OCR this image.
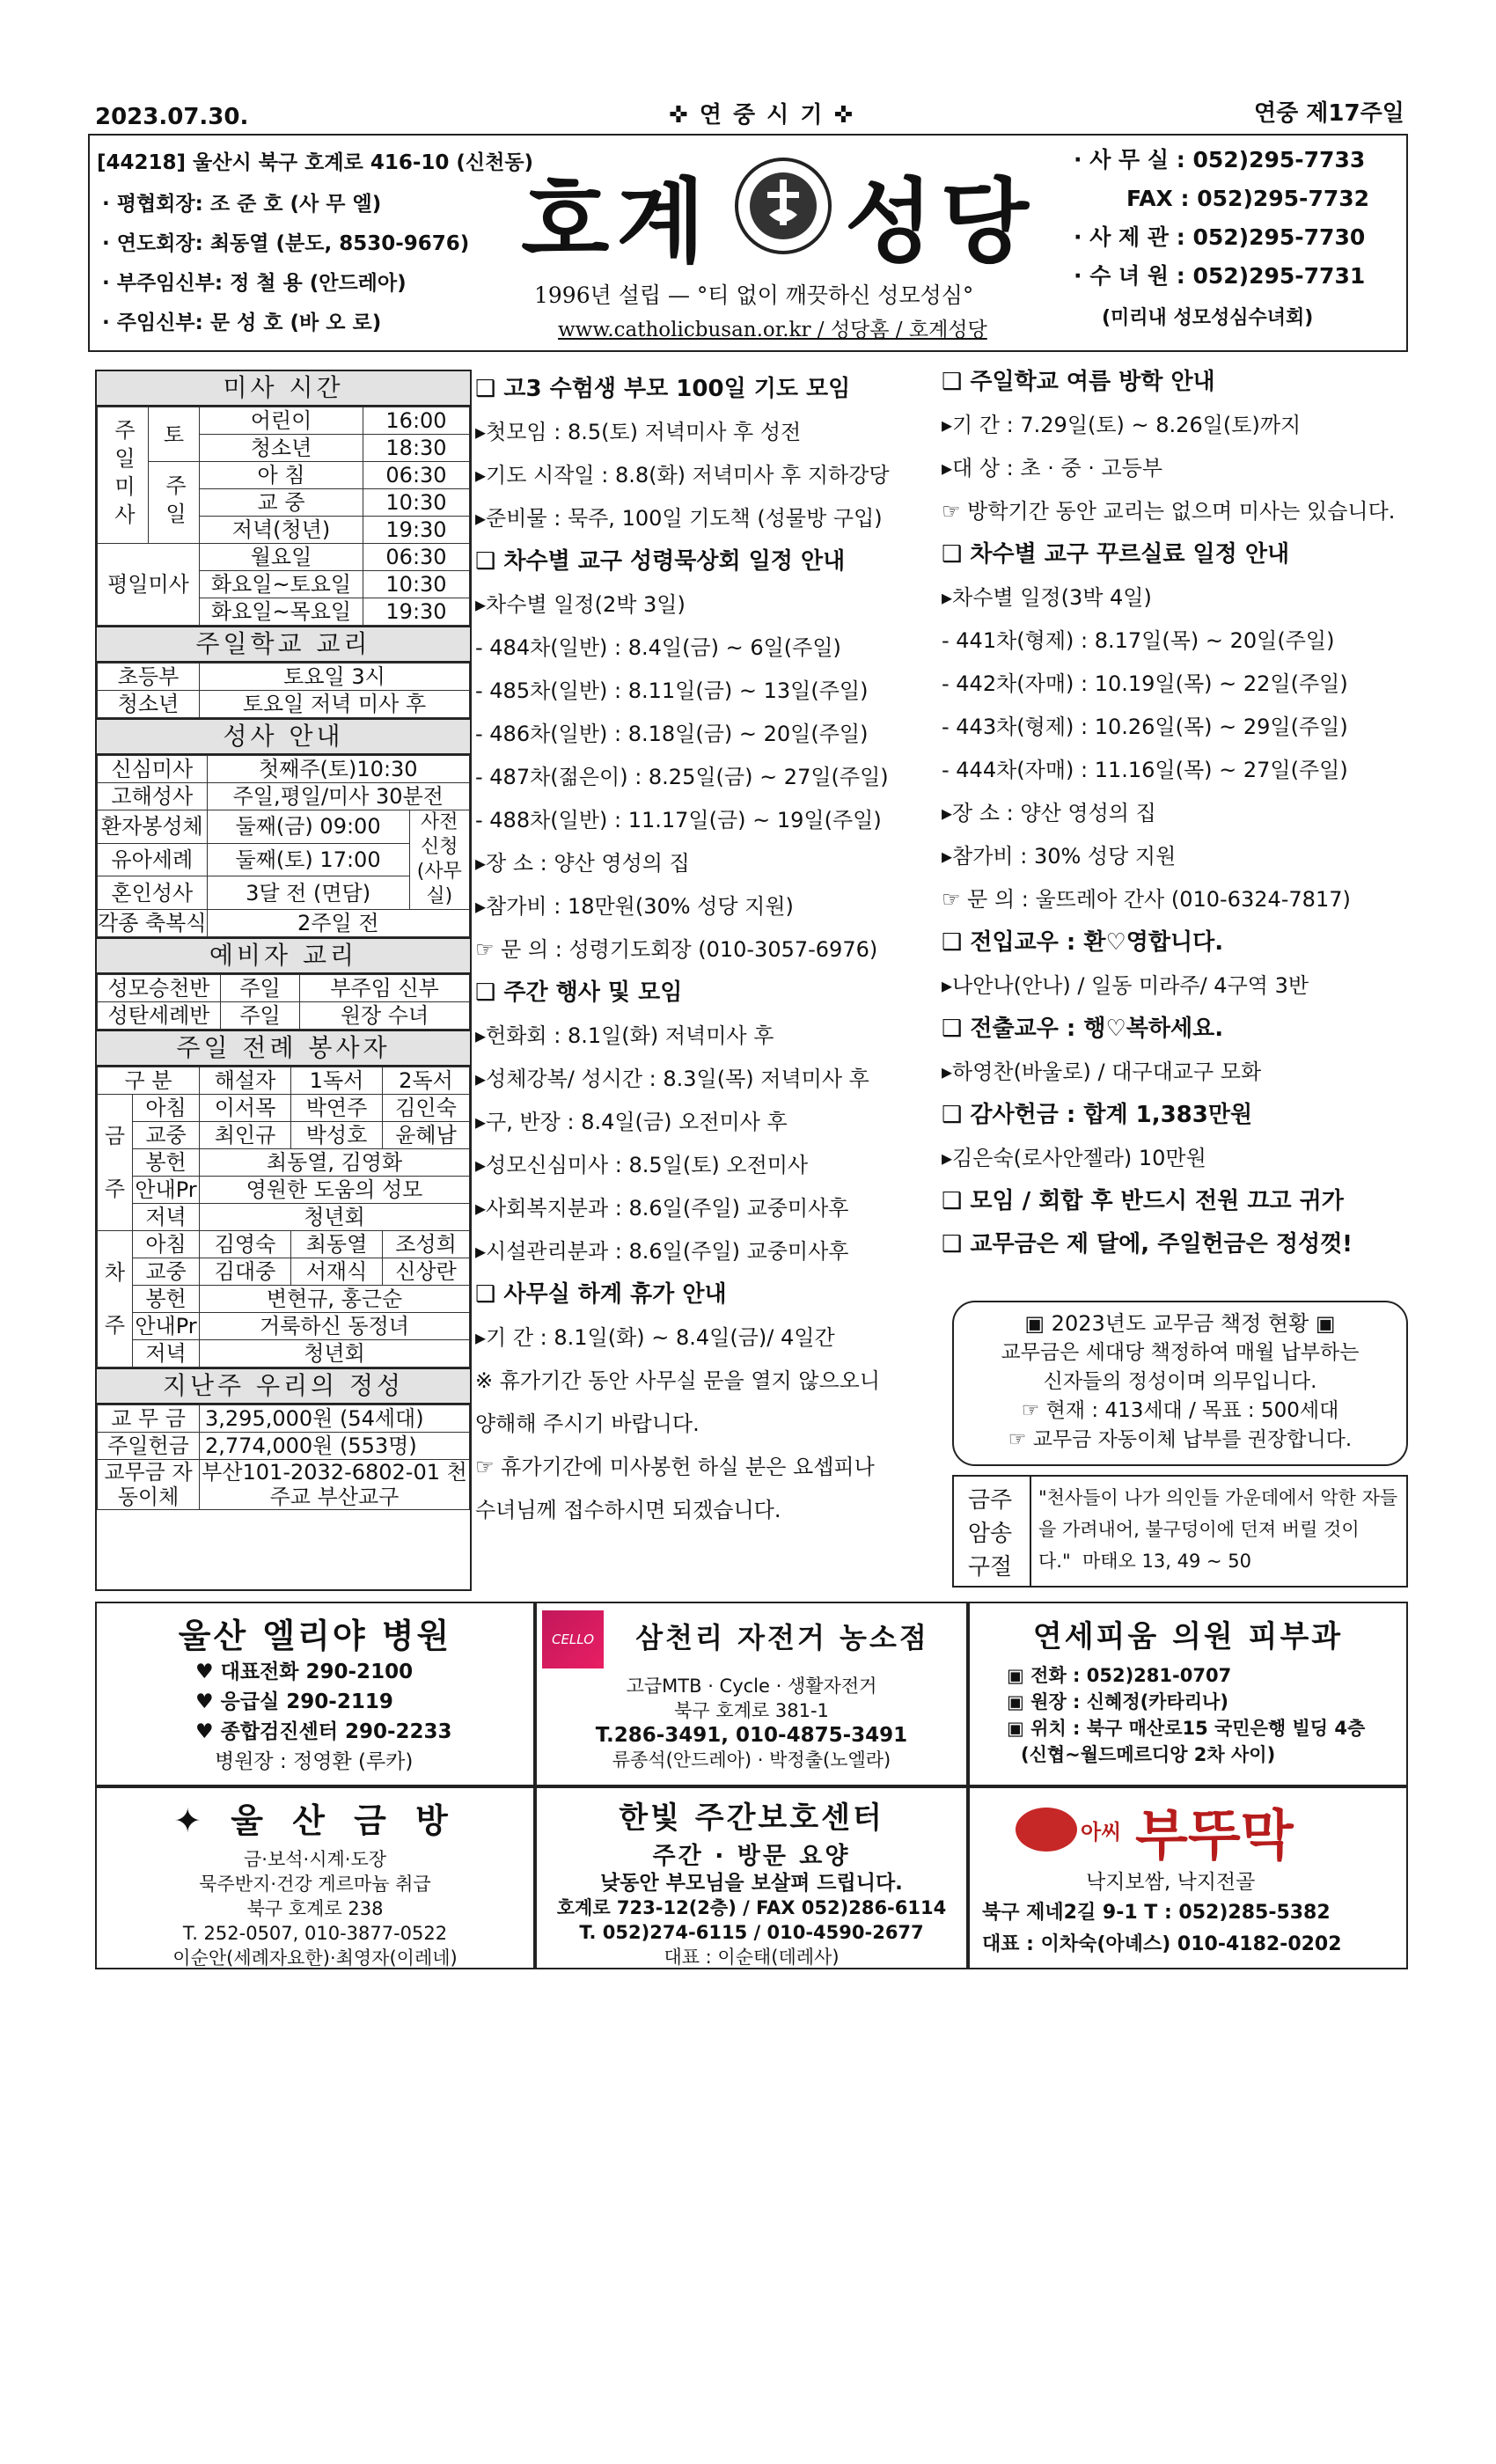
2023.07.30.	✜ 연 중 시 기 ✜	연중 제17주일
[44218] 울산시 북구 호계로 416-10 (신천동)
· 평협회장: 조 준 호 (사 무 엘)
· 연도회장: 최동열 (분도, 8530-9676)
· 부주임신부: 정 철 용 (안드레아)
· 주임신부: 문 성 호 (바 오 로)
호계 성당
1996년 설립 — °티 없이 깨끗하신 성모성심°
www.catholicbusan.or.kr / 성당홈 / 호계성당
· 사 무 실 : 052)295-7733
FAX : 052)295-7732
· 사 제 관 : 052)295-7730
· 수 녀 원 : 052)295-7731
(미리내 성모성심수녀회)
미사 시간
주일미사	토	어린이	16:00
		청소년	18:30
	주일	아 침	06:30
		교 중	10:30
		저녁(청년)	19:30
평일미사		월요일	06:30
		화요일~토요일	10:30
		화요일~목요일	19:30
주일학교 교리
초등부	토요일 3시
청소년	토요일 저녁 미사 후
성사 안내
신심미사	첫째주(토)10:30	
고해성사	주일,평일/미사 30분전	
환자봉성체	둘째(금) 09:00	사전 신청 (사무실)
유아세례	둘째(토) 17:00	
혼인성사	3달 전 (면담)	
각종 축복식	2주일 전	
예비자 교리
성모승천반	주일	부주임 신부
성탄세례반	주일	원장 수녀
주일 전례 봉사자
구 분		해설자	1독서	2독서
금주	아침	이서목	박연주	김인숙
	교중	최인규	박성호	윤혜남
	봉헌	최동열, 김영화		
	안내Pr	영원한 도움의 성모		
	저녁	청년회		
차주	아침	김영숙	최동열	조성희
	교중	김대중	서재식	신상란
	봉헌	변현규, 홍근순		
	안내Pr	거룩하신 동정녀		
	저녁	청년회		
지난주 우리의 정성
교 무 금	3,295,000원 (54세대)
주일헌금	2,774,000원 (553명)
교무금 자동이체	부산101-2032-6802-01 천주교 부산교구

❑ 고3 수험생 부모 100일 기도 모임

▸첫모임 : 8.5(토) 저녁미사 후 성전

▸기도 시작일 : 8.8(화) 저녁미사 후 지하강당

▸준비물 : 묵주, 100일 기도책 (성물방 구입)

❑ 차수별 교구 성령묵상회 일정 안내

▸차수별 일정(2박 3일)

- 484차(일반) : 8.4일(금) ~ 6일(주일)

- 485차(일반) : 8.11일(금) ~ 13일(주일)

- 486차(일반) : 8.18일(금) ~ 20일(주일)

- 487차(젊은이) : 8.25일(금) ~ 27일(주일)

- 488차(일반) : 11.17일(금) ~ 19일(주일)

▸장 소 : 양산 영성의 집

▸참가비 : 18만원(30% 성당 지원)

☞ 문 의 : 성령기도회장 (010-3057-6976)

❑ 주간 행사 및 모임

▸헌화회 : 8.1일(화) 저녁미사 후

▸성체강복/ 성시간 : 8.3일(목) 저녁미사 후

▸구, 반장 : 8.4일(금) 오전미사 후

▸성모신심미사 : 8.5일(토) 오전미사

▸사회복지분과 : 8.6일(주일) 교중미사후

▸시설관리분과 : 8.6일(주일) 교중미사후

❑ 사무실 하계 휴가 안내

▸기 간 : 8.1일(화) ~ 8.4일(금)/ 4일간

※ 휴가기간 동안 사무실 문을 열지 않으오니

양해해 주시기 바랍니다.

☞ 휴가기간에 미사봉헌 하실 분은 요셉피나

수녀님께 접수하시면 되겠습니다.

❑ 주일학교 여름 방학 안내

▸기 간 : 7.29일(토) ~ 8.26일(토)까지

▸대 상 : 초 · 중 · 고등부

☞ 방학기간 동안 교리는 없으며 미사는 있습니다.

❑ 차수별 교구 꾸르실료 일정 안내

▸차수별 일정(3박 4일)

- 441차(형제) : 8.17일(목) ~ 20일(주일)

- 442차(자매) : 10.19일(목) ~ 22일(주일)

- 443차(형제) : 10.26일(목) ~ 29일(주일)

- 444차(자매) : 11.16일(목) ~ 27일(주일)

▸장 소 : 양산 영성의 집

▸참가비 : 30% 성당 지원

☞ 문 의 : 울뜨레아 간사 (010-6324-7817)

❑ 전입교우 : 환♡영합니다.

▸나안나(안나) / 일동 미라주/ 4구역 3반

❑ 전출교우 : 행♡복하세요.

▸하영찬(바울로) / 대구대교구 모화

❑ 감사헌금 : 합계 1,383만원

▸김은숙(로사안젤라) 10만원

❑ 모임 / 회합 후 반드시 전원 끄고 귀가

❑ 교무금은 제 달에, 주일헌금은 정성껏!

▣ 2023년도 교무금 책정 현황 ▣
교무금은 세대당 책정하여 매월 납부하는
신자들의 정성이며 의무입니다.
☞ 현재 : 413세대 / 목표 : 500세대
☞ 교무금 자동이체 납부를 권장합니다.
금주 암송 구절
"천사들이 나가 의인들 가운데에서 악한 자들을 가려내어, 불구덩이에 던져 버릴 것이다." 마태오 13, 49 ~ 50
울산 엘리야 병원
♥ 대표전화 290-2100
♥ 응급실 290-2119
♥ 종합검진센터 290-2233
병원장 : 정영환 (루카)
CELLO	삼천리 자전거 농소점
고급MTB · Cycle · 생활자전거
북구 호계로 381-1
T.286-3491, 010-4875-3491
류종석(안드레아) · 박정출(노엘라)
연세피움 의원 피부과
▣ 전화 : 052)281-0707
▣ 원장 : 신혜정(카타리나)
▣ 위치 : 북구 매산로15 국민은행 빌딩 4층
(신협~월드메르디앙 2차 사이)
✦ 울 산 금 방
금·보석·시계·도장
묵주반지·건강 게르마늄 취급
북구 호계로 238
T. 252-0507, 010-3877-0522
이순안(세례자요한)·최영자(이레네)
한빛 주간보호센터
주간 · 방문 요양
낮동안 부모님을 보살펴 드립니다.
호계로 723-12(2층) / FAX 052)286-6114
T. 052)274-6115 / 010-4590-2677
대표 : 이순태(데레사)
아씨 부뚜막
낙지보쌈, 낙지전골
북구 제네2길 9-1 T : 052)285-5382
대표 : 이차숙(아녜스) 010-4182-0202
